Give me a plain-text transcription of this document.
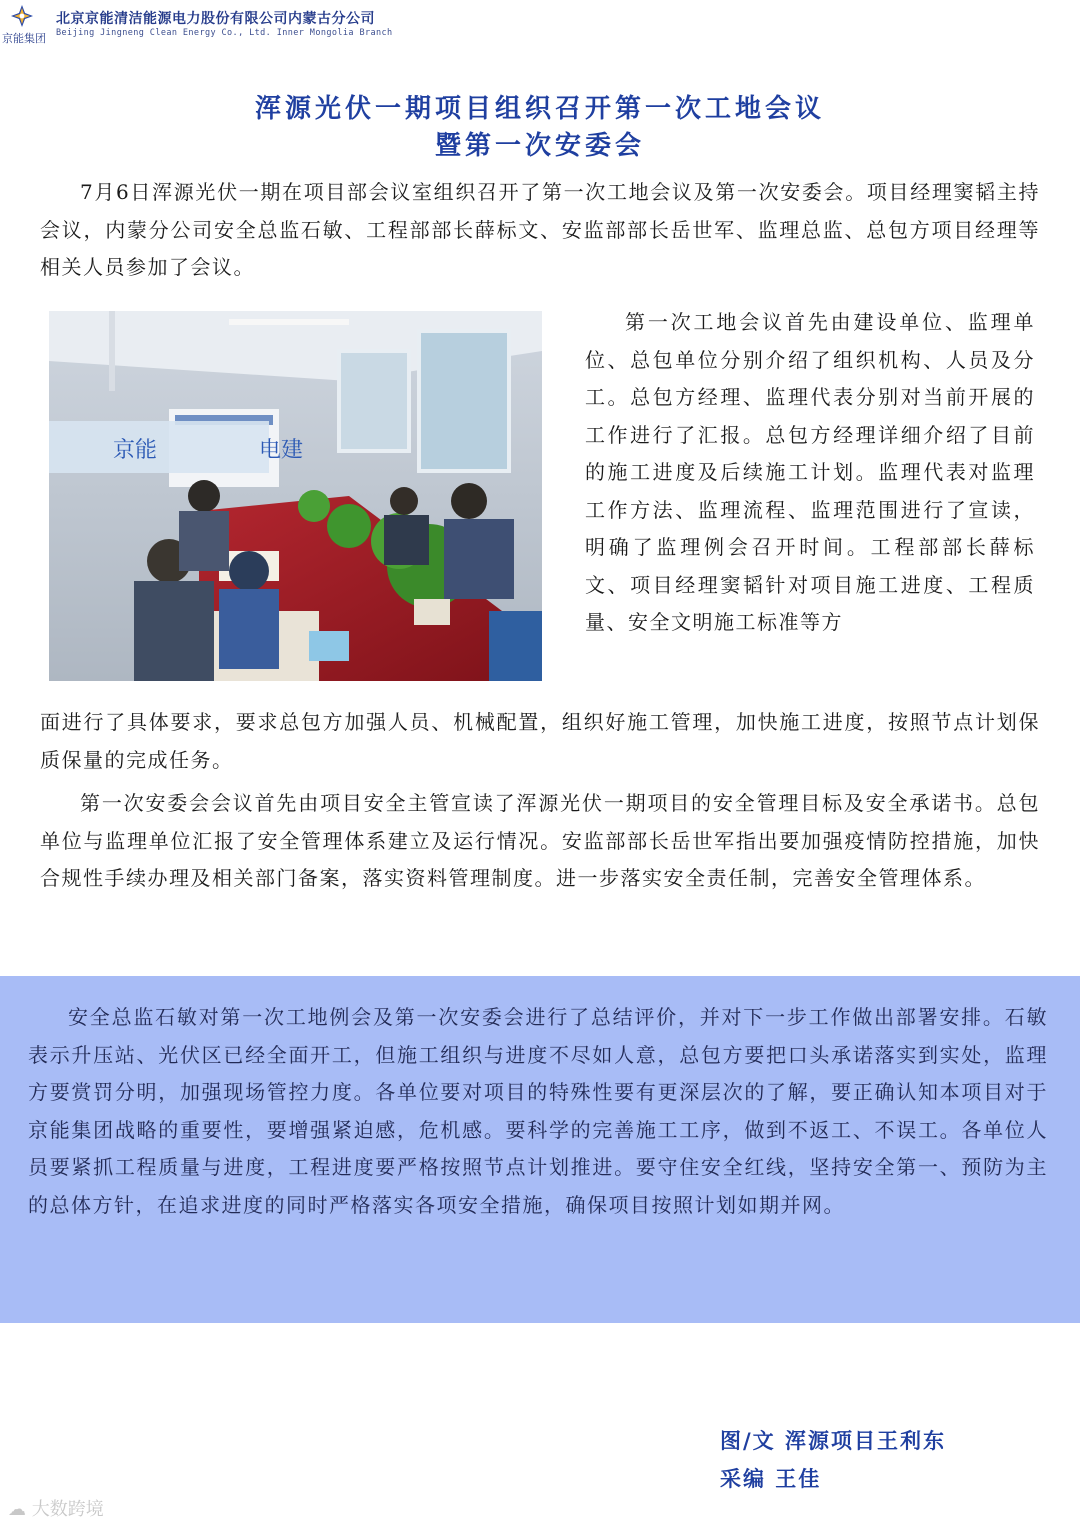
京能集团
北京京能清洁能源电力股份有限公司内蒙古分公司
Beijing Jingneng Clean Energy Co., Ltd. Inner Mongolia Branch
浑源光伏一期项目组织召开第一次工地会议
暨第一次安委会

7月6日浑源光伏一期在项目部会议室组织召开了第一次工地会议及第一次安委会。项目经理窦韬主持会议，内蒙分公司安全总监石敏、工程部部长薛标文、安监部部长岳世军、监理总监、总包方项目经理等相关人员参加了会议。

京能	电建

第一次工地会议首先由建设单位、监理单位、总包单位分别介绍了组织机构、人员及分工。总包方经理、监理代表分别对当前开展的工作进行了汇报。总包方经理详细介绍了目前的施工进度及后续施工计划。监理代表对监理工作方法、监理流程、监理范围进行了宣读，明确了监理例会召开时间。工程部部长薛标文、项目经理窦韬针对项目施工进度、工程质量、安全文明施工标准等方

面进行了具体要求，要求总包方加强人员、机械配置，组织好施工管理，加快施工进度，按照节点计划保质保量的完成任务。

第一次安委会会议首先由项目安全主管宣读了浑源光伏一期项目的安全管理目标及安全承诺书。总包单位与监理单位汇报了安全管理体系建立及运行情况。安监部部长岳世军指出要加强疫情防控措施，加快合规性手续办理及相关部门备案，落实资料管理制度。进一步落实安全责任制，完善安全管理体系。

安全总监石敏对第一次工地例会及第一次安委会进行了总结评价，并对下一步工作做出部署安排。石敏表示升压站、光伏区已经全面开工，但施工组织与进度不尽如人意，总包方要把口头承诺落实到实处，监理方要赏罚分明，加强现场管控力度。各单位要对项目的特殊性要有更深层次的了解，要正确认知本项目对于京能集团战略的重要性，要增强紧迫感，危机感。要科学的完善施工工序，做到不返工、不误工。各单位人员要紧抓工程质量与进度，工程进度要严格按照节点计划推进。要守住安全红线，坚持安全第一、预防为主的总体方针，在追求进度的同时严格落实各项安全措施，确保项目按照计划如期并网。

图/文 浑源项目王利东
采编 王佳
☁ 大数跨境
